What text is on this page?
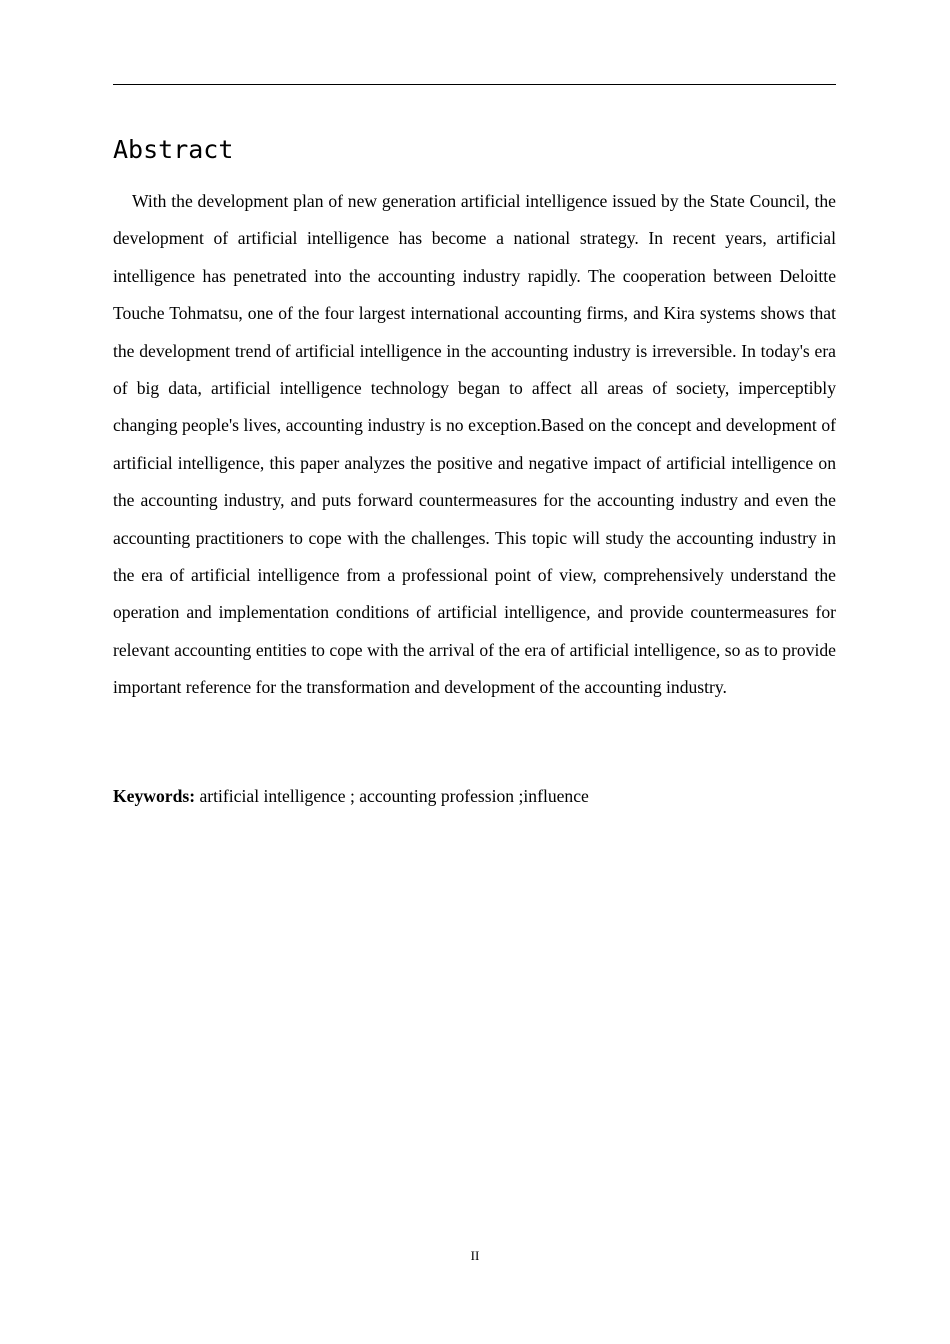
Abstract

With the development plan of new generation artificial intelligence issued by the State Council, the development of artificial intelligence has become a national strategy. In recent years, artificial intelligence has penetrated into the accounting industry rapidly. The cooperation between Deloitte Touche Tohmatsu, one of the four largest international accounting firms, and Kira systems shows that the development trend of artificial intelligence in the accounting industry is irreversible. In today's era of big data, artificial intelligence technology began to affect all areas of society, imperceptibly changing people's lives, accounting industry is no exception.Based on the concept and development of artificial intelligence, this paper analyzes the positive and negative impact of artificial intelligence on the accounting industry, and puts forward countermeasures for the accounting industry and even the accounting practitioners to cope with the challenges. This topic will study the accounting industry in the era of artificial intelligence from a professional point of view, comprehensively understand the operation and implementation conditions of artificial intelligence, and provide countermeasures for relevant accounting entities to cope with the arrival of the era of artificial intelligence, so as to provide important reference for the transformation and development of the accounting industry.

Keywords: artificial intelligence ; accounting profession ;influence

II
